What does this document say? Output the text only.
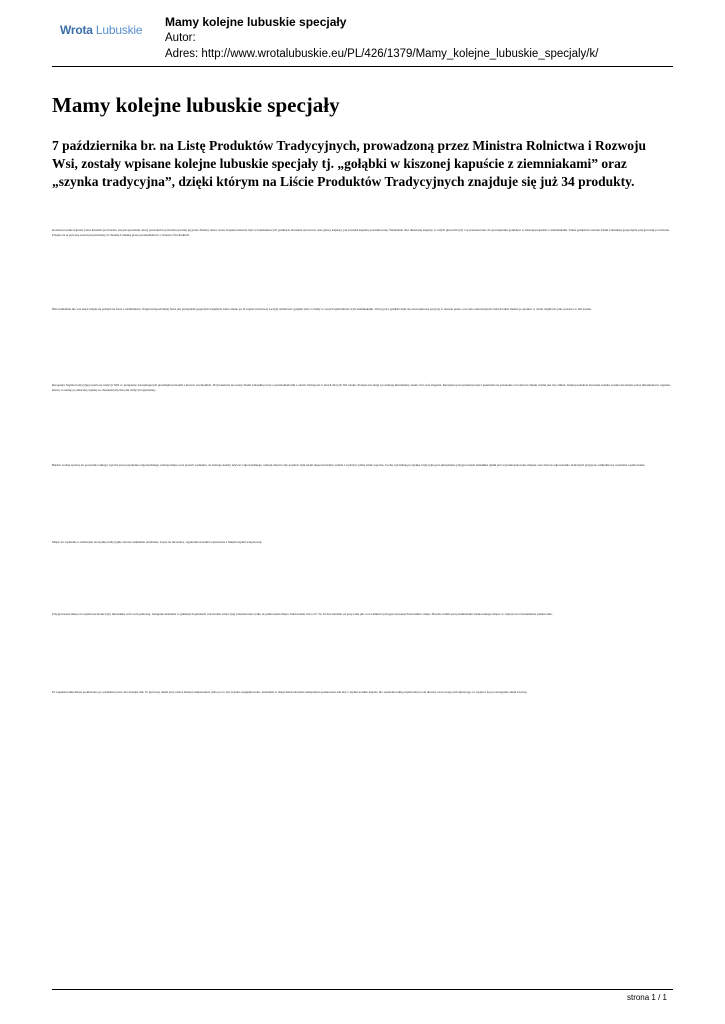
Wrota Lubuskie
Mamy kolejne lubuskie specjały
Autor:
Adres: http://www.wrotalubuskie.eu/PL/426/1379/Mamy_kolejne_lubuskie_specjaly/k/
Mamy kolejne lubuskie specjały

7 października br. na Listę Produktów Tradycyjnych, prowadzoną przez Ministra Rolnictwa i Rozwoju Wsi, zostały wpisane kolejne lubuskie specjały tj. „gołąbki w kiszonej kapuście z ziemniakami” oraz „szynka tradycyjna”, dzięki którym na Liście Produktów Tradycyjnych znajduje się już 34 produkty.

Konserwowanie kapusty przez kiszenie jest bardzo starym sposobem, który pozwalał na przechowywanie jej przez dłuższy okres czasu. Kapusta kiszona była w kamionkowych garnkach. Kiszenie surowców oraz głowy kapusty, jak również kapustą poszatkowaną. Wkładanie liści ukiszonej kapusty w całych głowach były i są przeznaczone do sporządzania gołąbków w kiszonej kapuście z ziemniakami. Także gołąbki na terenie Ziemi Lubuskiej gospodynie przygotowują od dawna. Przepis na tę potrawę został przywieziony na Ziemię Lubuską przez przesiedleńców z Kresów Wschodnich.

Nikt dokładnie nie wie skąd wzięła się pomysł na farsz z ziemniaków. Najprawdopodobniej farsz jest pomysłem gospodyń wiejskich, które znane po II wojnie światowej zaczęły nadziewać gołąbki tym co miały w swoich spiżarniach czyli ziemniakami. Od tej pory gołąbki stały się obowiązkową pozycją w okresie postu, a na suto zastawionych stołach także można je spotkać w wielu wigiliach, jako potrawa w dni postne.

Receptura Szynki tradycyjnej oparta na tradycji XIX w. przepisów zarządzających przedsiębiorstwami z kresów wschodnich. Przywieziona na tereny Ziemi Lubuskiej wraz z przesiedleńcami z okolic Tarnopola w latach 40-tych XX wieku. Przepis ten znają i powielają mieszkańcy okolic Żar oraz Żagania. Receptura jest przekazywana z pokolenia na pokolenie od wielu lat dzięki czemu jest bez zmian, dzięki produkcie słowenia szynka została doceniona przez mieszkańców regionu, którzy to uznają tę smaczną szynkę za charakterystyczną dla tradycji regionalnej.

Bardzo ważną sprawą do powstania takiego wyrobu jest pozyskanie odpowiedniego rodzaju mięsa oraz sposób wędzenia, do którego należy używać odpowiedniego rodzaju drewna aby uzyskać dym nadal niepowtarzalny aromat i wydobyć pełny smak wyrobu. Cechą wyróżniającą szynkę tradycyjną jest skrupulatne przygotowanie składnika jakim jest wyselekcjonowane mięsne oraz doboru odpowiednio dobranych przypraw, kilkudniowe wędzenie i peklowanie.

Mięso na wędzenie z rozbierane na szynkę tradycyjnie zawsze dokładnie obrabiane, ścięte na mowelice, regularnie kawałki wykrawane z mięśni szynki wieprzowej.

Przygotowane mięso na szynki nacierane były mieszanką soli i soli peklowej, następnie układane w glinianych garnkach warstwami, które były przeznaczone tylko do peklowania mięsa. Peklowanie trwa od 7 do 10 dni zależnie od pory roku jak i od wielkości przygotowywanych kawałków mięsa. Bardzo ważne jest przekładanie leżakowanego mięsa co wpływa na równomierne peklowanie.

Po zapeklowaniu mięsa poddawano go wędzeniu przez dwa kolejne dni. W pierwszy dzień przy zaleca niższej temperaturze tylko po to aby szynka osiągnęła kolor, natomiast w drugi dzień znacznie temperatura podnoszona tak aby z szynki uciekło kapało. Do wędzenia takiej szynki używa się drewna owocowego lub dębowego co wpływa na jej szczególny smak i barwę.

strona 1 / 1
